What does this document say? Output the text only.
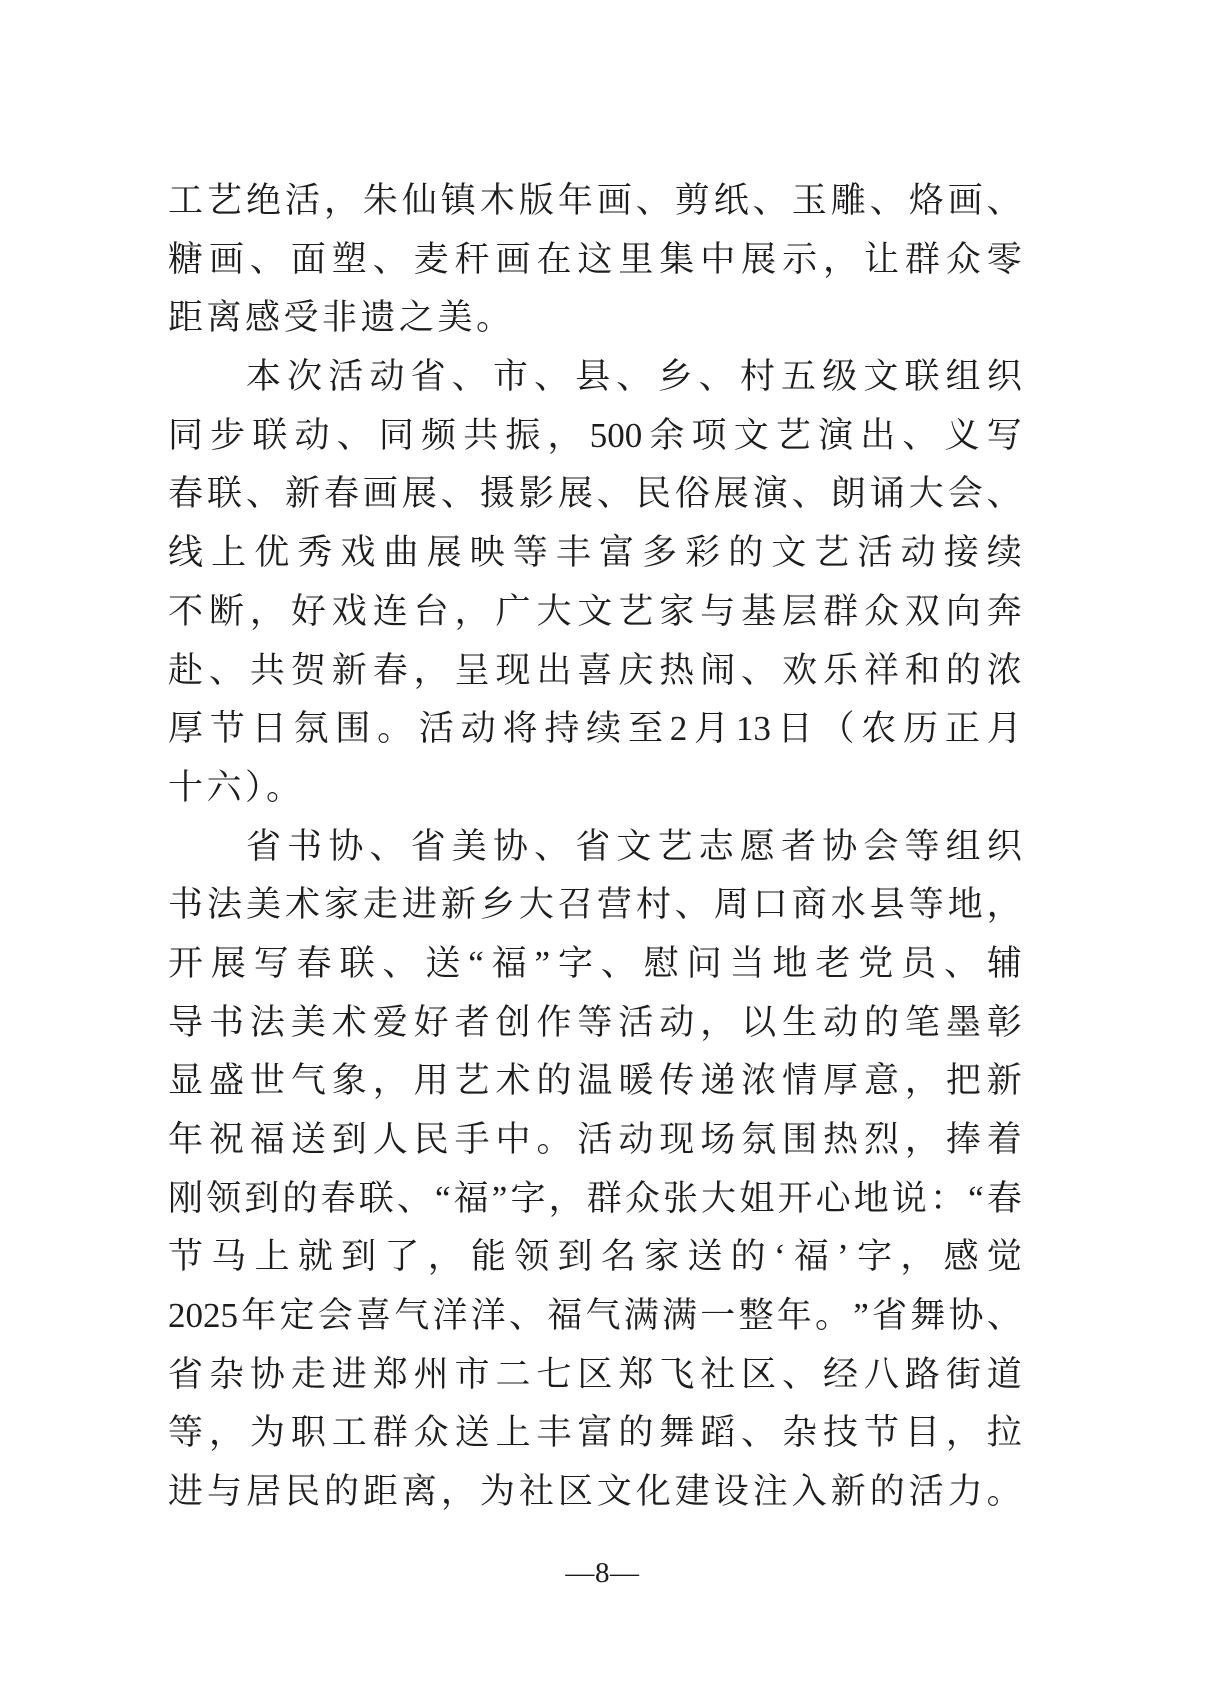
工 艺 绝 活 ， 朱 仙 镇 木 版 年 画 、 剪 纸 、 玉 雕 、 烙 画 、
糖 画 、 面 塑 、 麦 秆 画 在 这 里 集 中 展 示 ， 让 群 众 零
距离感受非遗之美。
本 次 活 动 省 、 市 、 县 、 乡 、 村 五 级 文 联 组 织
同 步 联 动 、 同 频 共 振 ， 500 余 项 文 艺 演 出 、 义 写
春 联 、 新 春 画 展 、 摄 影 展 、 民 俗 展 演 、 朗 诵 大 会 、
线 上 优 秀 戏 曲 展 映 等 丰 富 多 彩 的 文 艺 活 动 接 续
不 断 ， 好 戏 连 台 ， 广 大 文 艺 家 与 基 层 群 众 双 向 奔
赴 、 共 贺 新 春 ， 呈 现 出 喜 庆 热 闹 、 欢 乐 祥 和 的 浓
厚 节 日 氛 围 。 活 动 将 持 续 至 2 月 13 日 （ 农 历 正 月
十六）。
省 书 协 、 省 美 协 、 省 文 艺 志 愿 者 协 会 等 组 织
书 法 美 术 家 走 进 新 乡 大 召 营 村 、 周 口 商 水 县 等 地 ，
开 展 写 春 联 、 送 “ 福 ” 字 、 慰 问 当 地 老 党 员 、 辅
导 书 法 美 术 爱 好 者 创 作 等 活 动 ， 以 生 动 的 笔 墨 彰
显 盛 世 气 象 ， 用 艺 术 的 温 暖 传 递 浓 情 厚 意 ， 把 新
年 祝 福 送 到 人 民 手 中 。 活 动 现 场 氛 围 热 烈 ， 捧 着
刚 领 到 的 春 联 、 “ 福 ” 字 ， 群 众 张 大 姐 开 心 地 说 ： “ 春
节 马 上 就 到 了 ， 能 领 到 名 家 送 的 ‘ 福 ’ 字 ， 感 觉
2025 年 定 会 喜 气 洋 洋 、 福 气 满 满 一 整 年 。 ” 省 舞 协 、
省 杂 协 走 进 郑 州 市 二 七 区 郑 飞 社 区 、 经 八 路 街 道
等 ， 为 职 工 群 众 送 上 丰 富 的 舞 蹈 、 杂 技 节 目 ， 拉
进 与 居 民 的 距 离 ， 为 社 区 文 化 建 设 注 入 新 的 活 力 。
—8—
